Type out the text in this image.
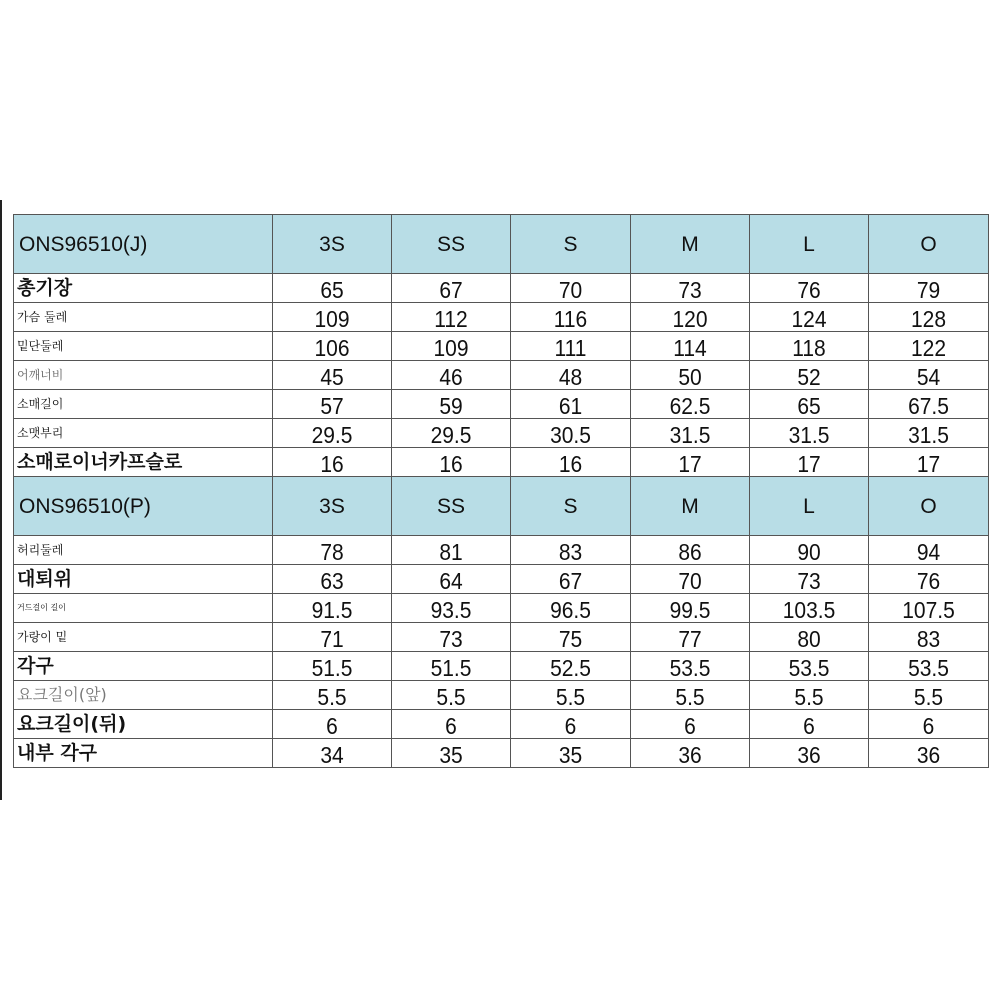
ONS96510(J)	3S	SS	S	M	L	O
총기장	65	67	70	73	76	79
가슴 둘레	109	112	116	120	124	128
밑단둘레	106	109	111	114	118	122
어깨너비	45	46	48	50	52	54
소매길이	57	59	61	62.5	65	67.5
소맷부리	29.5	29.5	30.5	31.5	31.5	31.5
소매로이너카프슬로	16	16	16	17	17	17
ONS96510(P)	3S	SS	S	M	L	O
허리둘레	78	81	83	86	90	94
대퇴위	63	64	67	70	73	76
거드걸이 길이	91.5	93.5	96.5	99.5	103.5	107.5
가랑이 밑	71	73	75	77	80	83
각구	51.5	51.5	52.5	53.5	53.5	53.5
요크길이(앞)	5.5	5.5	5.5	5.5	5.5	5.5
요크길이(뒤)	6	6	6	6	6	6
내부 각구	34	35	35	36	36	36
